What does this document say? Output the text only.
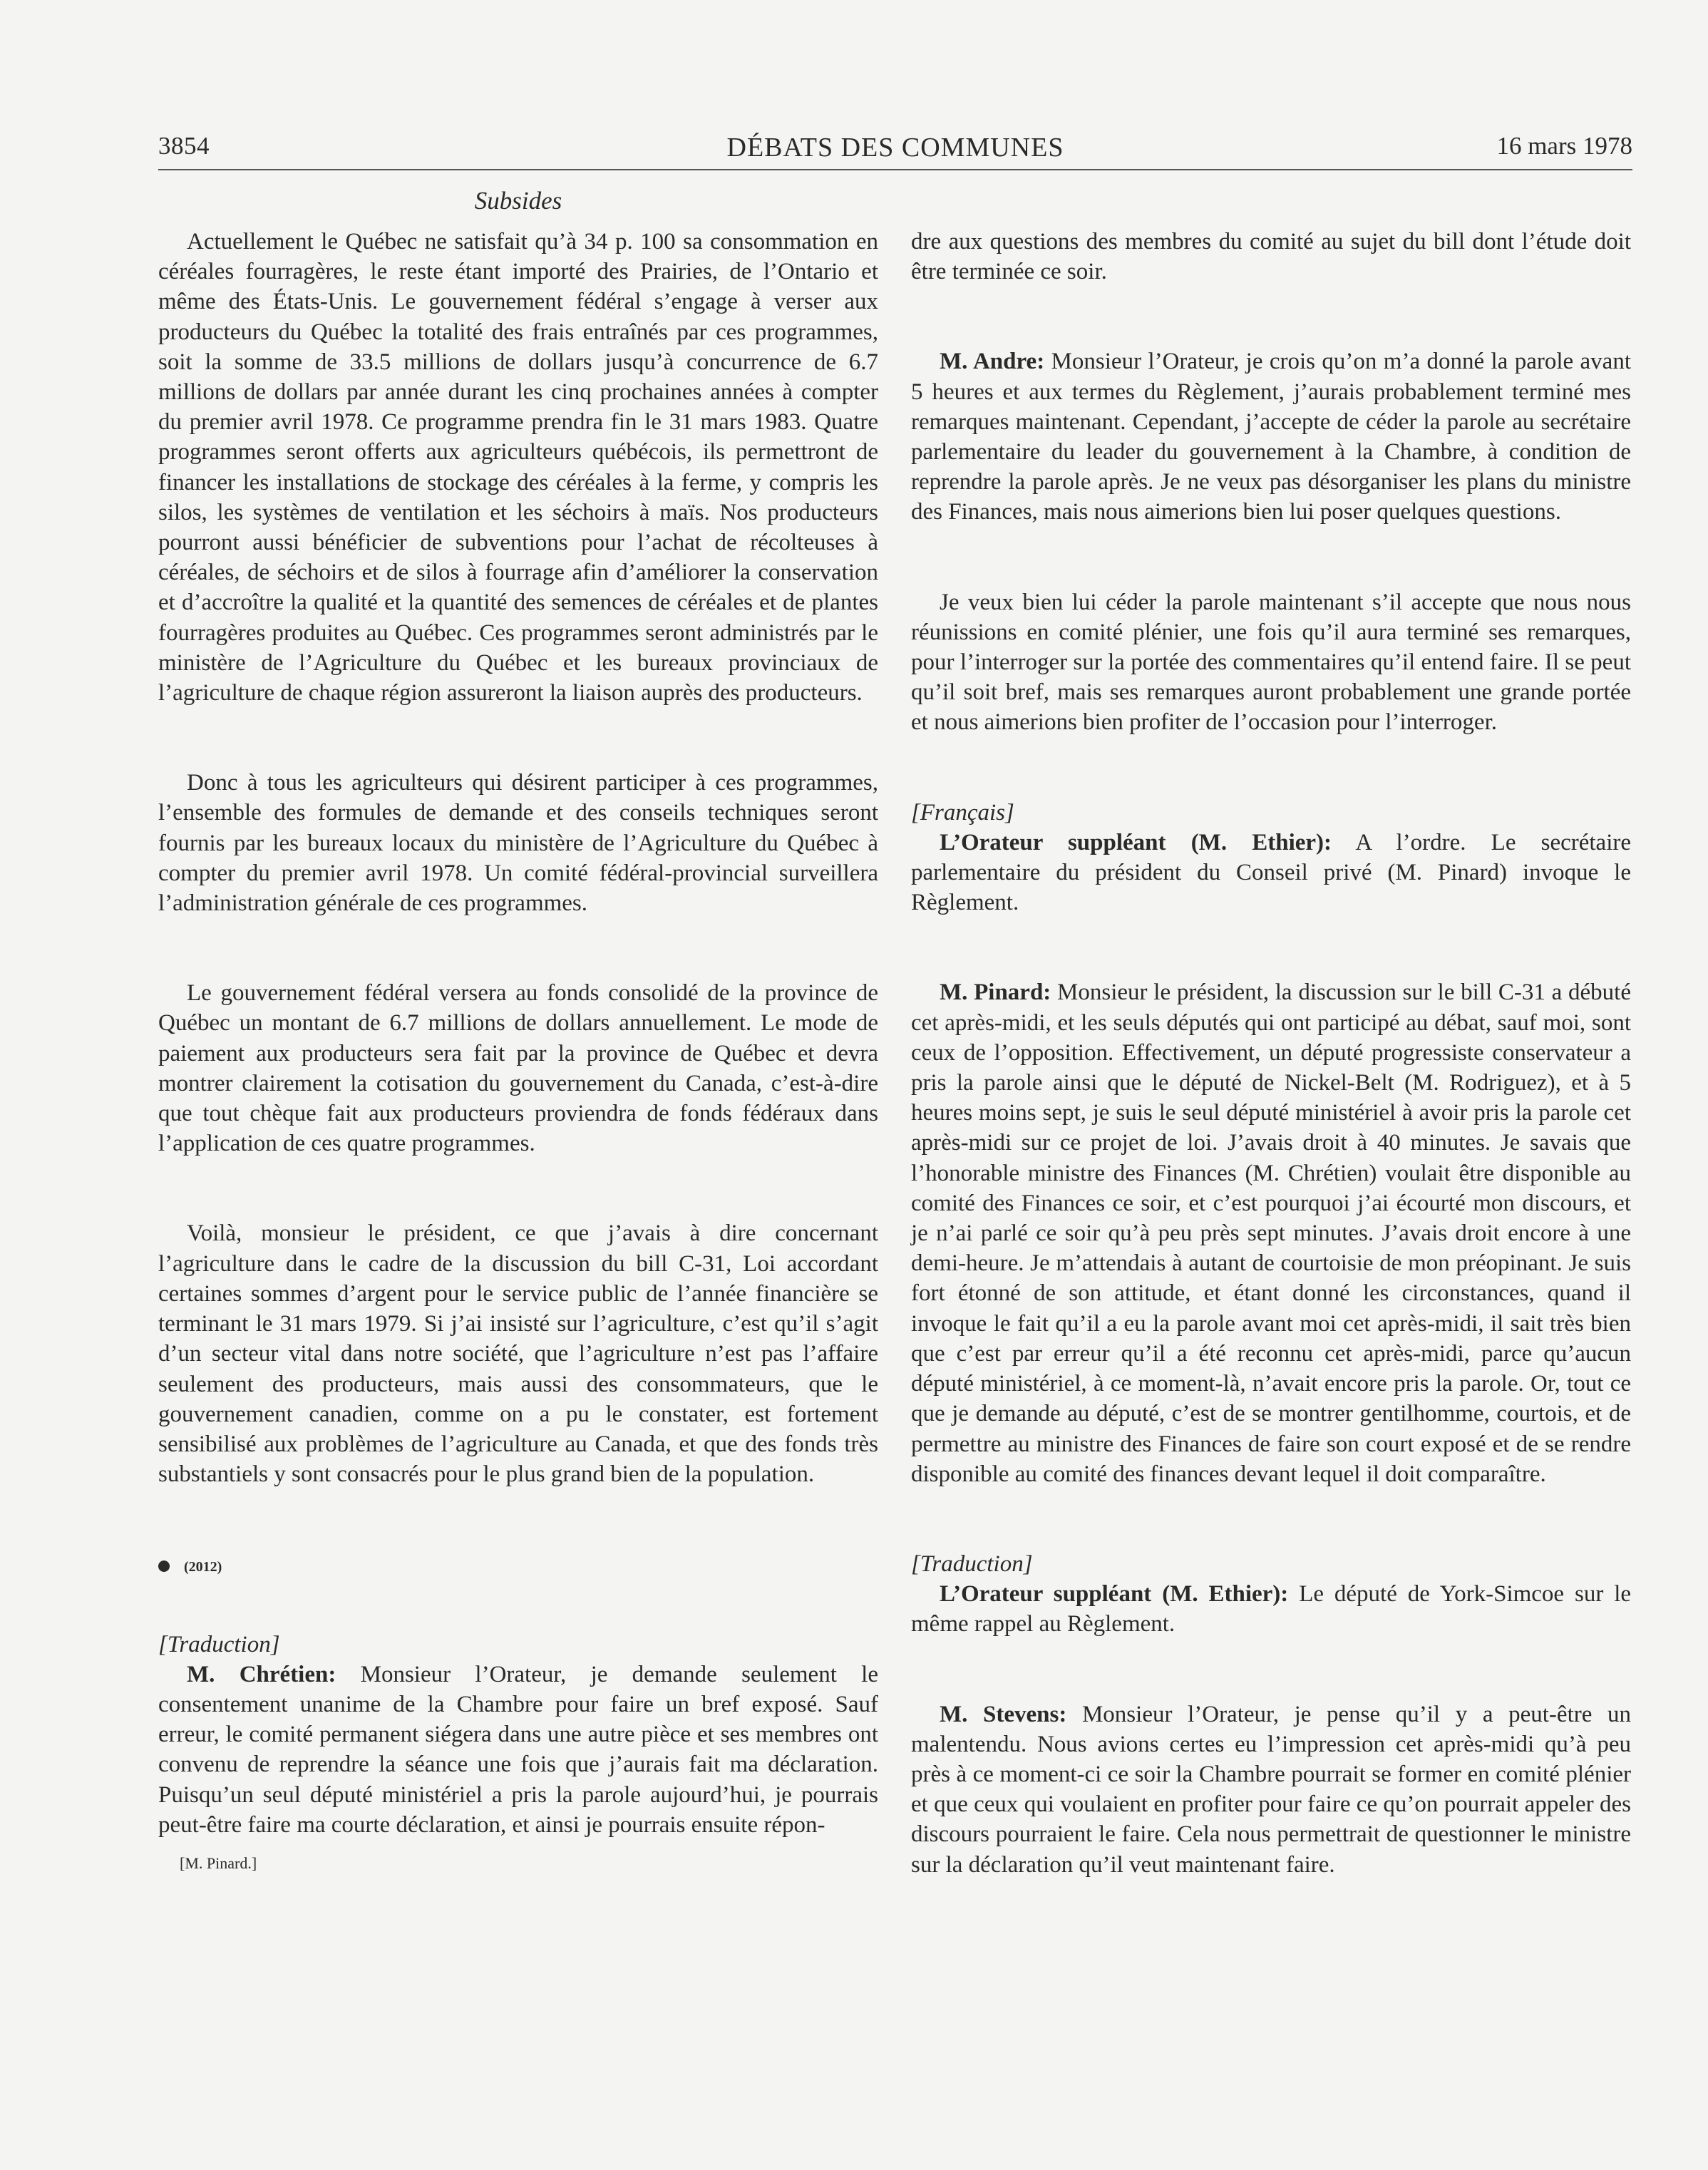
3854	DÉBATS DES COMMUNES	16 mars 1978
Subsides

Actuellement le Québec ne satisfait qu’à 34 p. 100 sa consommation en céréales fourragères, le reste étant importé des Prairies, de l’Ontario et même des États-Unis. Le gouvernement fédéral s’engage à verser aux producteurs du Québec la totalité des frais entraînés par ces programmes, soit la somme de 33.5 millions de dollars jusqu’à concurrence de 6.7 millions de dollars par année durant les cinq prochaines années à compter du premier avril 1978. Ce programme prendra fin le 31 mars 1983. Quatre programmes seront offerts aux agriculteurs québécois, ils permettront de financer les installations de stockage des céréales à la ferme, y compris les silos, les systèmes de ventilation et les séchoirs à maïs. Nos producteurs pourront aussi bénéficier de subventions pour l’achat de récolteuses à céréales, de séchoirs et de silos à fourrage afin d’améliorer la conservation et d’accroître la qualité et la quantité des semences de céréales et de plantes fourragères produites au Québec. Ces programmes seront administrés par le ministère de l’Agriculture du Québec et les bureaux provinciaux de l’agriculture de chaque région assureront la liaison auprès des producteurs.

Donc à tous les agriculteurs qui désirent participer à ces programmes, l’ensemble des formules de demande et des conseils techniques seront fournis par les bureaux locaux du ministère de l’Agriculture du Québec à compter du premier avril 1978. Un comité fédéral-provincial surveillera l’administration générale de ces programmes.

Le gouvernement fédéral versera au fonds consolidé de la province de Québec un montant de 6.7 millions de dollars annuellement. Le mode de paiement aux producteurs sera fait par la province de Québec et devra montrer clairement la cotisation du gouvernement du Canada, c’est-à-dire que tout chèque fait aux producteurs proviendra de fonds fédéraux dans l’application de ces quatre programmes.

Voilà, monsieur le président, ce que j’avais à dire concernant l’agriculture dans le cadre de la discussion du bill C-31, Loi accordant certaines sommes d’argent pour le service public de l’année financière se terminant le 31 mars 1979. Si j’ai insisté sur l’agriculture, c’est qu’il s’agit d’un secteur vital dans notre société, que l’agriculture n’est pas l’affaire seulement des producteurs, mais aussi des consommateurs, que le gouvernement canadien, comme on a pu le constater, est fortement sensibilisé aux problèmes de l’agriculture au Canada, et que des fonds très substantiels y sont consacrés pour le plus grand bien de la population.

(2012)

[Traduction]

M. Chrétien: Monsieur l’Orateur, je demande seulement le consentement unanime de la Chambre pour faire un bref exposé. Sauf erreur, le comité permanent siégera dans une autre pièce et ses membres ont convenu de reprendre la séance une fois que j’aurais fait ma déclaration. Puisqu’un seul député ministériel a pris la parole aujourd’hui, je pourrais peut-être faire ma courte déclaration, et ainsi je pourrais ensuite répon-

[M. Pinard.]

dre aux questions des membres du comité au sujet du bill dont l’étude doit être terminée ce soir.

M. Andre: Monsieur l’Orateur, je crois qu’on m’a donné la parole avant 5 heures et aux termes du Règlement, j’aurais probablement terminé mes remarques maintenant. Cependant, j’accepte de céder la parole au secrétaire parlementaire du leader du gouvernement à la Chambre, à condition de reprendre la parole après. Je ne veux pas désorganiser les plans du ministre des Finances, mais nous aimerions bien lui poser quelques questions.

Je veux bien lui céder la parole maintenant s’il accepte que nous nous réunissions en comité plénier, une fois qu’il aura terminé ses remarques, pour l’interroger sur la portée des commentaires qu’il entend faire. Il se peut qu’il soit bref, mais ses remarques auront probablement une grande portée et nous aimerions bien profiter de l’occasion pour l’interroger.

[Français]

L’Orateur suppléant (M. Ethier): A l’ordre. Le secrétaire parlementaire du président du Conseil privé (M. Pinard) invoque le Règlement.

M. Pinard: Monsieur le président, la discussion sur le bill C-31 a débuté cet après-midi, et les seuls députés qui ont participé au débat, sauf moi, sont ceux de l’opposition. Effectivement, un député progressiste conservateur a pris la parole ainsi que le député de Nickel-Belt (M. Rodriguez), et à 5 heures moins sept, je suis le seul député ministériel à avoir pris la parole cet après-midi sur ce projet de loi. J’avais droit à 40 minutes. Je savais que l’honorable ministre des Finances (M. Chrétien) voulait être disponible au comité des Finances ce soir, et c’est pourquoi j’ai écourté mon discours, et je n’ai parlé ce soir qu’à peu près sept minutes. J’avais droit encore à une demi-heure. Je m’attendais à autant de courtoisie de mon préopinant. Je suis fort étonné de son attitude, et étant donné les circonstances, quand il invoque le fait qu’il a eu la parole avant moi cet après-midi, il sait très bien que c’est par erreur qu’il a été reconnu cet après-midi, parce qu’aucun député ministériel, à ce moment-là, n’avait encore pris la parole. Or, tout ce que je demande au député, c’est de se montrer gentilhomme, courtois, et de permettre au ministre des Finances de faire son court exposé et de se rendre disponible au comité des finances devant lequel il doit comparaître.

[Traduction]

L’Orateur suppléant (M. Ethier): Le député de York-Simcoe sur le même rappel au Règlement.

M. Stevens: Monsieur l’Orateur, je pense qu’il y a peut-être un malentendu. Nous avions certes eu l’impression cet après-midi qu’à peu près à ce moment-ci ce soir la Chambre pourrait se former en comité plénier et que ceux qui voulaient en profiter pour faire ce qu’on pourrait appeler des discours pourraient le faire. Cela nous permettrait de questionner le ministre sur la déclaration qu’il veut maintenant faire.
